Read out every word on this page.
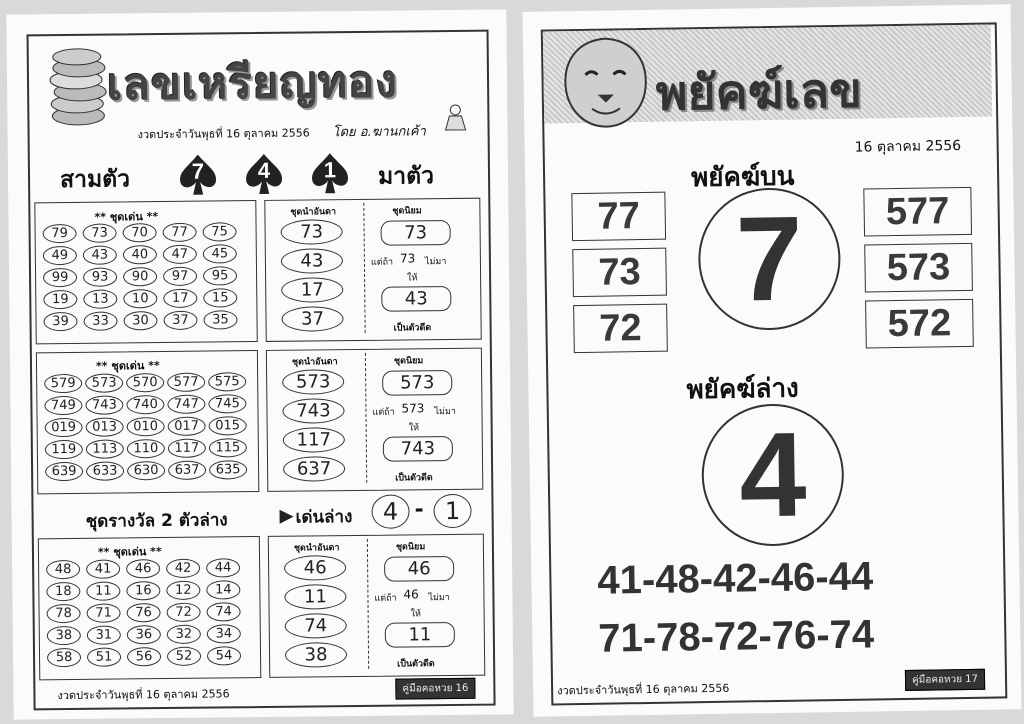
เลขเหรียญทอง
งวดประจำวันพุธที่ 16 ตุลาคม 2556 โดย อ.ฆานกเค้า
สามตัว	7	4	1	มาตัว
** ชุดเด่น **
79	73	70	77	75
49	43	40	47	45
99	93	90	97	95
19	13	10	17	15
39	33	30	37	35
ชุดนำอันดา
73
43
17
37
ชุดนิยม
73
แต่ถ้า 73 ไม่มา
ให้
43
เป็นตัวดีด
** ชุดเด่น **
579	573	570	577	575
749	743	740	747	745
019	013	010	017	015
119	113	110	117	115
639	633	630	637	635
ชุดนำอันดา
573
743
117
637
ชุดนิยม
573
แต่ถ้า 573 ไม่มา
ให้
743
เป็นตัวดีด
ชุดรางวัล 2 ตัวล่าง	เด่นล่าง	4 - 1
** ชุดเด่น **
48	41	46	42	44
18	11	16	12	14
78	71	76	72	74
38	31	36	32	34
58	51	56	52	54
ชุดนำอันดา
46
11
74
38
ชุดนิยม
46
แต่ถ้า 46 ไม่มา
ให้
11
เป็นตัวดีด
งวดประจำวันพุธที่ 16 ตุลาคม 2556	คู่มือคอหวย 16
พยัคฆ์เลข
16 ตุลาคม 2556
พยัคฆ์บน
7
77
73
72
577
573
572
พยัคฆ์ล่าง
4
41-48-42-46-44
71-78-72-76-74
งวดประจำวันพุธที่ 16 ตุลาคม 2556
คู่มือคอหวย 17
